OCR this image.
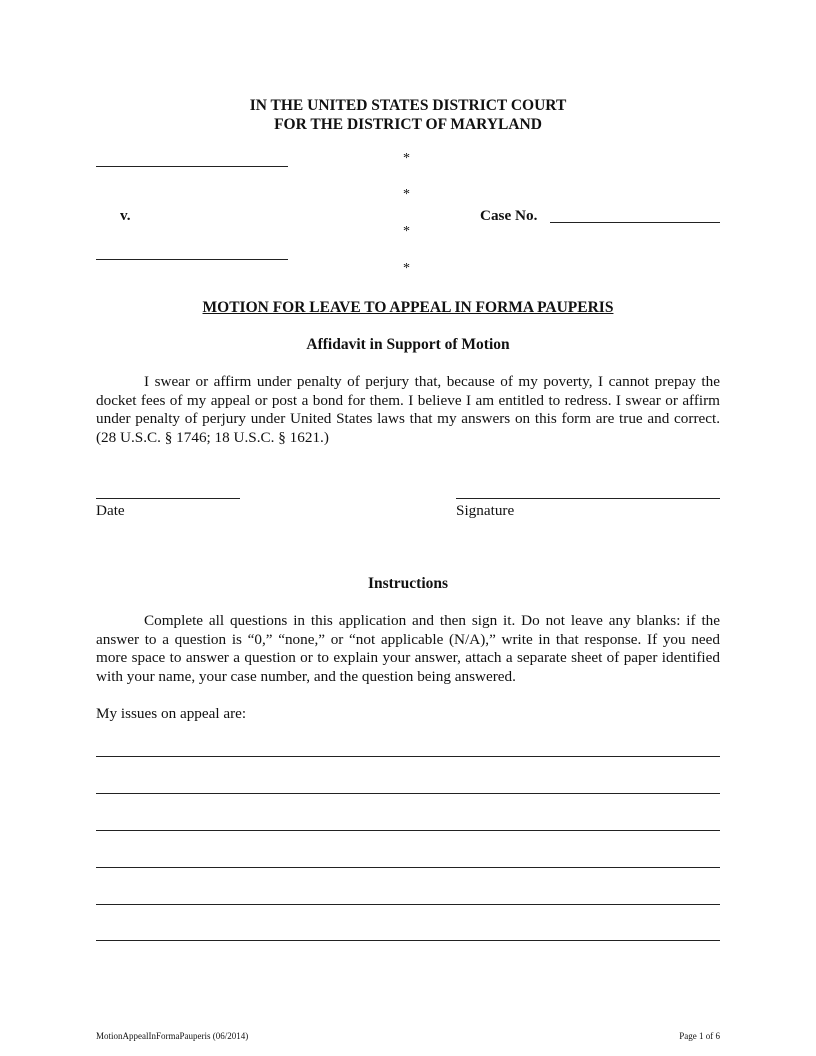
IN THE UNITED STATES DISTRICT COURT
FOR THE DISTRICT OF MARYLAND
*
*
*
*
v.	Case No.
MOTION FOR LEAVE TO APPEAL IN FORMA PAUPERIS
Affidavit in Support of Motion
I swear or affirm under penalty of perjury that, because of my poverty, I cannot prepay the docket fees of my appeal or post a bond for them. I believe I am entitled to redress. I swear or affirm under penalty of perjury under United States laws that my answers on this form are true and correct. (28 U.S.C. § 1746; 18 U.S.C. § 1621.)
Date	Signature
Instructions
Complete all questions in this application and then sign it. Do not leave any blanks: if the answer to a question is “0,” “none,” or “not applicable (N/A),” write in that response. If you need more space to answer a question or to explain your answer, attach a separate sheet of paper identified with your name, your case number, and the question being answered.
My issues on appeal are:
MotionAppealInFormaPauperis (06/2014)	Page 1 of 6
